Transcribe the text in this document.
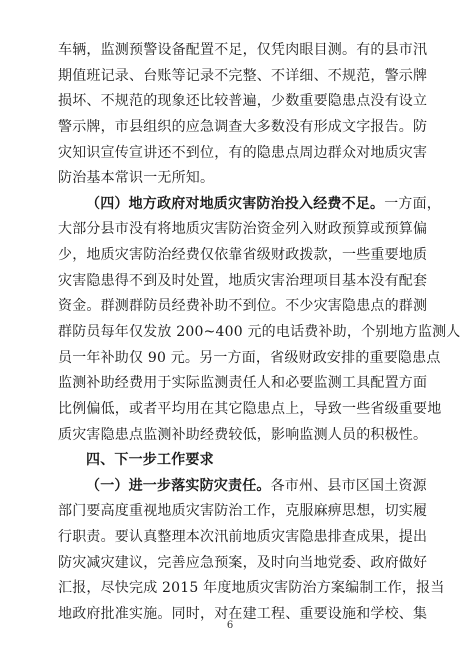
车辆，监测预警设备配置不足，仅凭肉眼目测。有的县市汛
期值班记录、台账等记录不完整、不详细、不规范，警示牌
损坏、不规范的现象还比较普遍，少数重要隐患点没有设立
警示牌，市县组织的应急调查大多数没有形成文字报告。防
灾知识宣传宣讲还不到位，有的隐患点周边群众对地质灾害
防治基本常识一无所知。
（四）地方政府对地质灾害防治投入经费不足。一方面，
大部分县市没有将地质灾害防治资金列入财政预算或预算偏
少，地质灾害防治经费仅依靠省级财政拨款，一些重要地质
灾害隐患得不到及时处置，地质灾害治理项目基本没有配套
资金。群测群防员经费补助不到位。不少灾害隐患点的群测
群防员每年仅发放 200~400 元的电话费补助，个别地方监测人
员一年补助仅 90 元。另一方面，省级财政安排的重要隐患点
监测补助经费用于实际监测责任人和必要监测工具配置方面
比例偏低，或者平均用在其它隐患点上，导致一些省级重要地
质灾害隐患点监测补助经费较低，影响监测人员的积极性。
四、下一步工作要求
（一）进一步落实防灾责任。各市州、县市区国土资源
部门要高度重视地质灾害防治工作，克服麻痹思想，切实履
行职责。要认真整理本次汛前地质灾害隐患排查成果，提出
防灾减灾建议，完善应急预案，及时向当地党委、政府做好
汇报，尽快完成 2015 年度地质灾害防治方案编制工作，报当
地政府批准实施。同时，对在建工程、重要设施和学校、集
6
